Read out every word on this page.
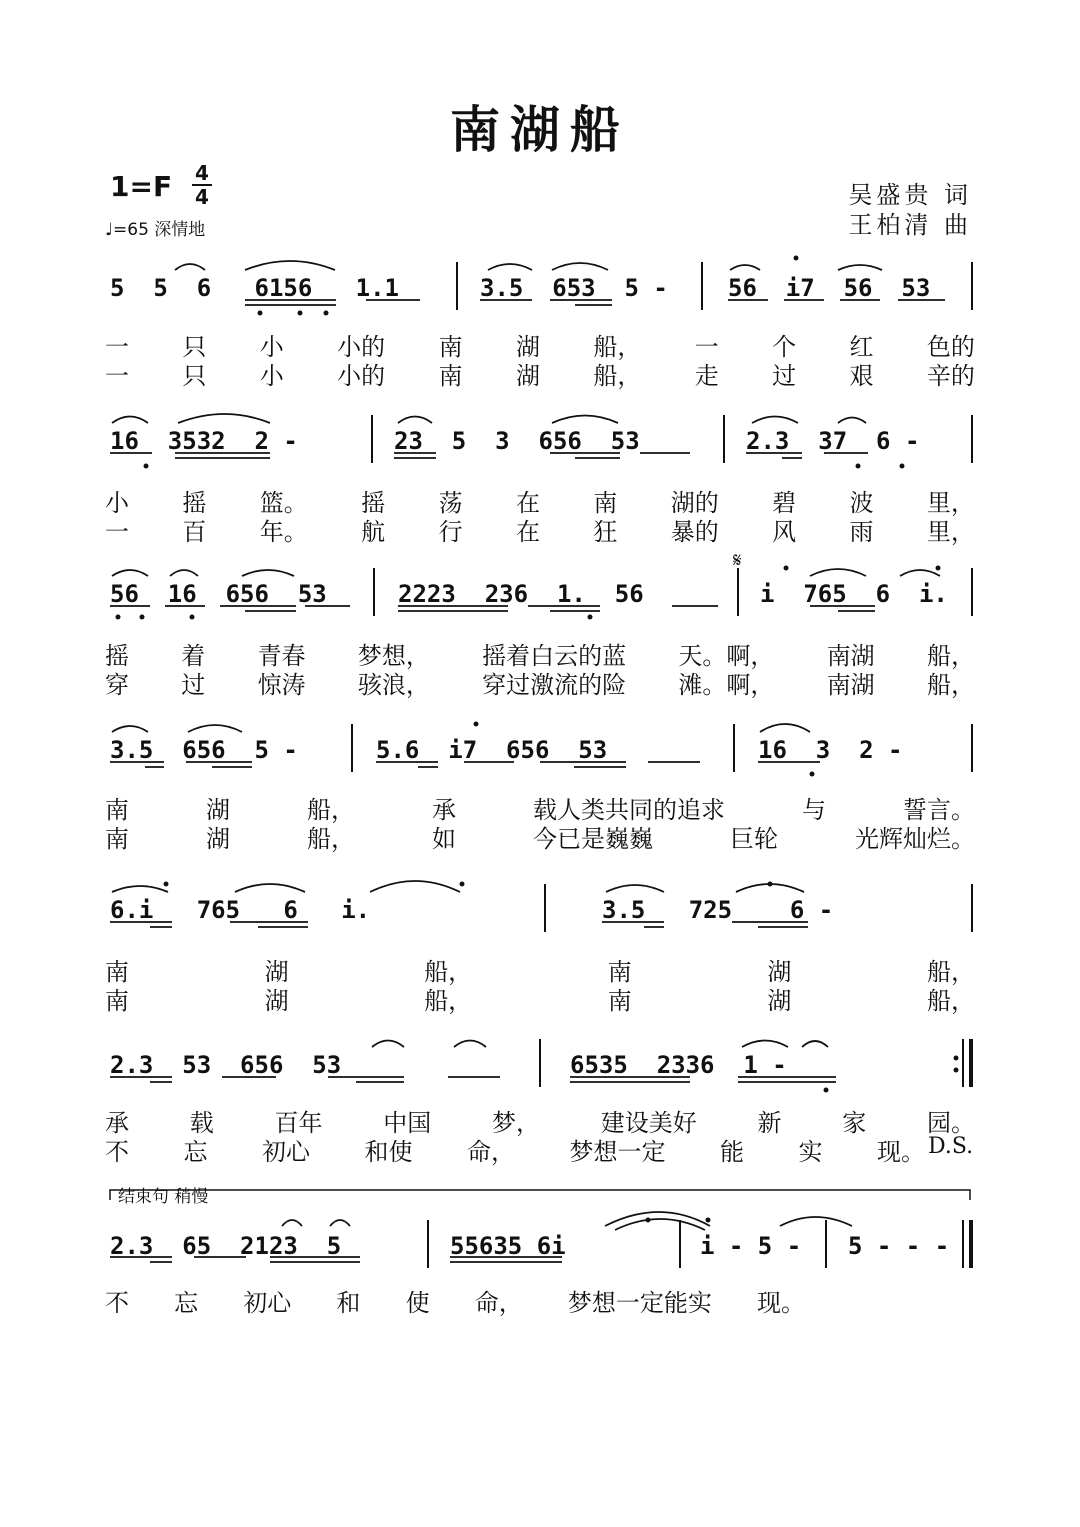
南湖船
1=F 4
4
♩=65 深情地
吴盛贵 词
王柏清 曲
5  5  6   6156   1.1	3.5  653  5 -	56  i7  56  53
一 只 小 小的 南 湖 船， 一 个 红 色的
一 只 小 小的 南 湖 船， 走 过 艰 辛的
16  3532  2 -	23  5  3  656  53	2.3  37  6 -
小 摇 篮。 摇 荡 在 南 湖的 碧 波 里，
一 百 年。 航 行 在 狂 暴的 风 雨 里，
𝄋
56  16  656  53	2223  236  1.  56	i  765  6  i.
摇 着 青春 梦想， 摇着白云的蓝 天。啊， 南湖 船，
穿 过 惊涛 骇浪， 穿过激流的险 滩。啊， 南湖 船，
3.5  656  5 -	5.6  i7  656  53	16  3  2 -
南	湖	船，	承	载人类共同的追求	与	誓言。
南	湖	船，	如	今已是巍巍	巨轮	光辉灿烂。
6.i   765   6   i.	3.5   725    6 -
南	湖	船，	南	湖	船，
南	湖	船，	南	湖	船，
2.3  53  656  53	6535  2336  1 -
承	载	百年	中国	梦，	建设美好	新	家	园。
不 忘 初心 和使 命， 梦想一定 能 实 现。 D.S.
结束句 稍慢
2.3  65  2123  5	55635 6i	i - 5 - 5 - - -
不 忘 初心 和 使 命， 梦想一定能实 现。
